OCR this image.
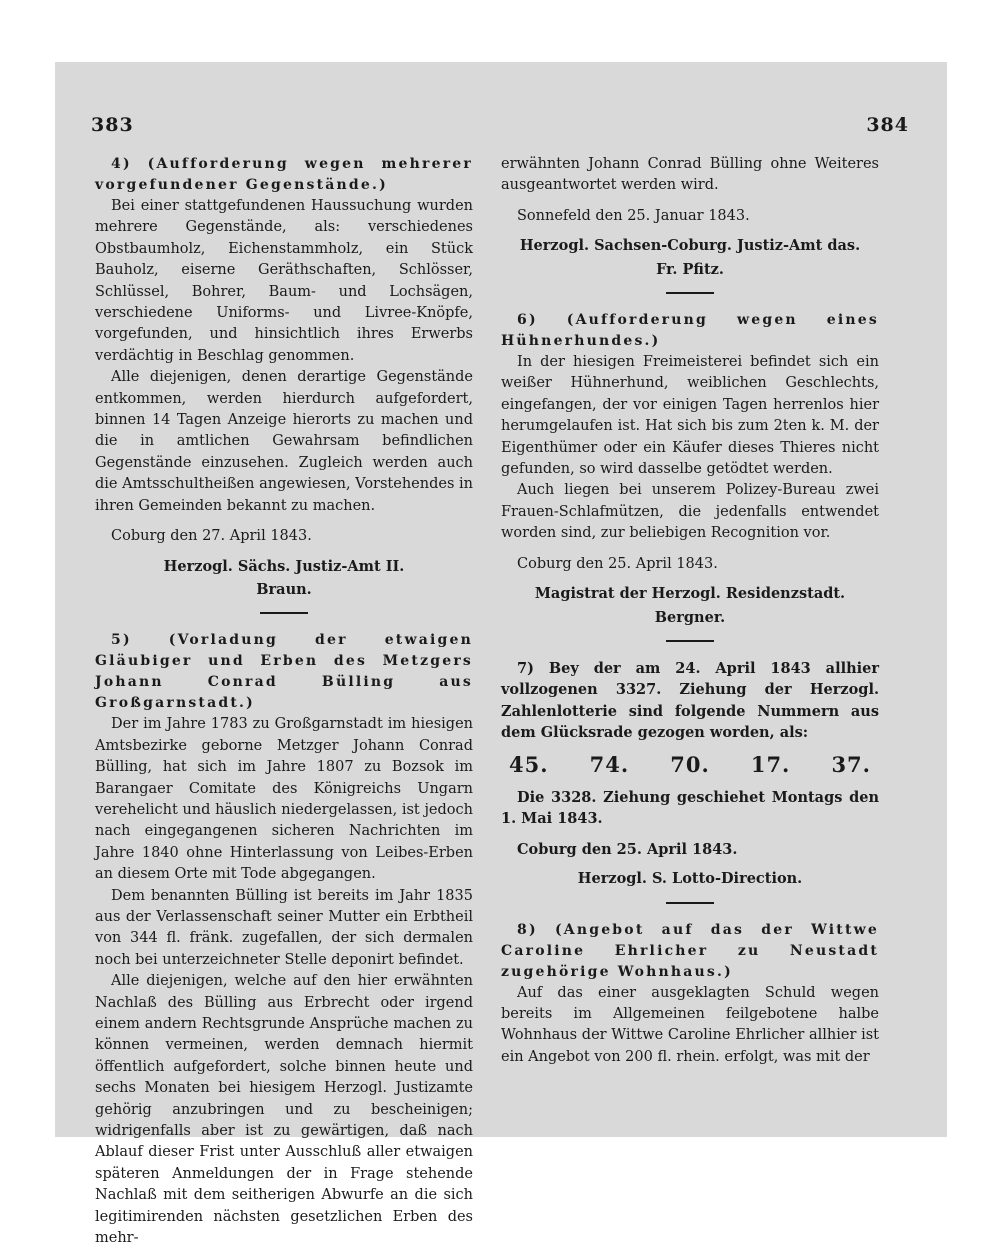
383	384

4) (Aufforderung wegen mehrerer vorgefundener Gegenstände.)

Bei einer stattgefundenen Haussuchung wurden mehrere Gegenstände, als: verschiedenes Obstbaumholz, Eichenstammholz, ein Stück Bauholz, eiserne Geräthschaften, Schlösser, Schlüssel, Bohrer, Baum- und Lochsägen, verschiedene Uniforms- und Livree-Knöpfe, vorgefunden, und hinsichtlich ihres Erwerbs verdächtig in Beschlag genommen.

Alle diejenigen, denen derartige Gegenstände entkommen, werden hierdurch aufgefordert, binnen 14 Tagen Anzeige hierorts zu machen und die in amtlichen Gewahrsam befindlichen Gegenstände einzusehen. Zugleich werden auch die Amtsschultheißen angewiesen, Vorstehendes in ihren Gemeinden bekannt zu machen.

Coburg den 27. April 1843.

Herzogl. Sächs. Justiz-Amt II.

Braun.

5) (Vorladung der etwaigen Gläubiger und Erben des Metzgers Johann Conrad Bülling aus Großgarnstadt.)

Der im Jahre 1783 zu Großgarnstadt im hiesigen Amtsbezirke geborne Metzger Johann Conrad Bülling, hat sich im Jahre 1807 zu Bozsok im Barangaer Comitate des Königreichs Ungarn verehelicht und häuslich niedergelassen, ist jedoch nach eingegangenen sicheren Nachrichten im Jahre 1840 ohne Hinterlassung von Leibes-Erben an diesem Orte mit Tode abgegangen.

Dem benannten Bülling ist bereits im Jahr 1835 aus der Verlassenschaft seiner Mutter ein Erbtheil von 344 fl. fränk. zugefallen, der sich dermalen noch bei unterzeichneter Stelle deponirt befindet.

Alle diejenigen, welche auf den hier erwähnten Nachlaß des Bülling aus Erbrecht oder irgend einem andern Rechtsgrunde Ansprüche machen zu können vermeinen, werden demnach hiermit öffentlich aufgefordert, solche binnen heute und sechs Monaten bei hiesigem Herzogl. Justizamte gehörig anzubringen und zu bescheinigen; widrigenfalls aber ist zu gewärtigen, daß nach Ablauf dieser Frist unter Ausschluß aller etwaigen späteren Anmeldungen der in Frage stehende Nachlaß mit dem seitherigen Abwurfe an die sich legitimirenden nächsten gesetzlichen Erben des mehr-

erwähnten Johann Conrad Bülling ohne Weiteres ausgeantwortet werden wird.

Sonnefeld den 25. Januar 1843.

Herzogl. Sachsen-Coburg. Justiz-Amt das.

Fr. Pfitz.

6) (Aufforderung wegen eines Hühnerhundes.)

In der hiesigen Freimeisterei befindet sich ein weißer Hühnerhund, weiblichen Geschlechts, eingefangen, der vor einigen Tagen herrenlos hier herumgelaufen ist. Hat sich bis zum 2ten k. M. der Eigenthümer oder ein Käufer dieses Thieres nicht gefunden, so wird dasselbe getödtet werden.

Auch liegen bei unserem Polizey-Bureau zwei Frauen-Schlafmützen, die jedenfalls entwendet worden sind, zur beliebigen Recognition vor.

Coburg den 25. April 1843.

Magistrat der Herzogl. Residenzstadt.

Bergner.

7) Bey der am 24. April 1843 allhier vollzogenen 3327. Ziehung der Herzogl. Zahlenlotterie sind folgende Nummern aus dem Glücksrade gezogen worden, als:

45. 74. 70. 17. 37.

Die 3328. Ziehung geschiehet Montags den 1. Mai 1843.

Coburg den 25. April 1843.

Herzogl. S. Lotto-Direction.

8) (Angebot auf das der Wittwe Caroline Ehrlicher zu Neustadt zugehörige Wohnhaus.)

Auf das einer ausgeklagten Schuld wegen bereits im Allgemeinen feilgebotene halbe Wohnhaus der Wittwe Caroline Ehrlicher allhier ist ein Angebot von 200 fl. rhein. erfolgt, was mit der
